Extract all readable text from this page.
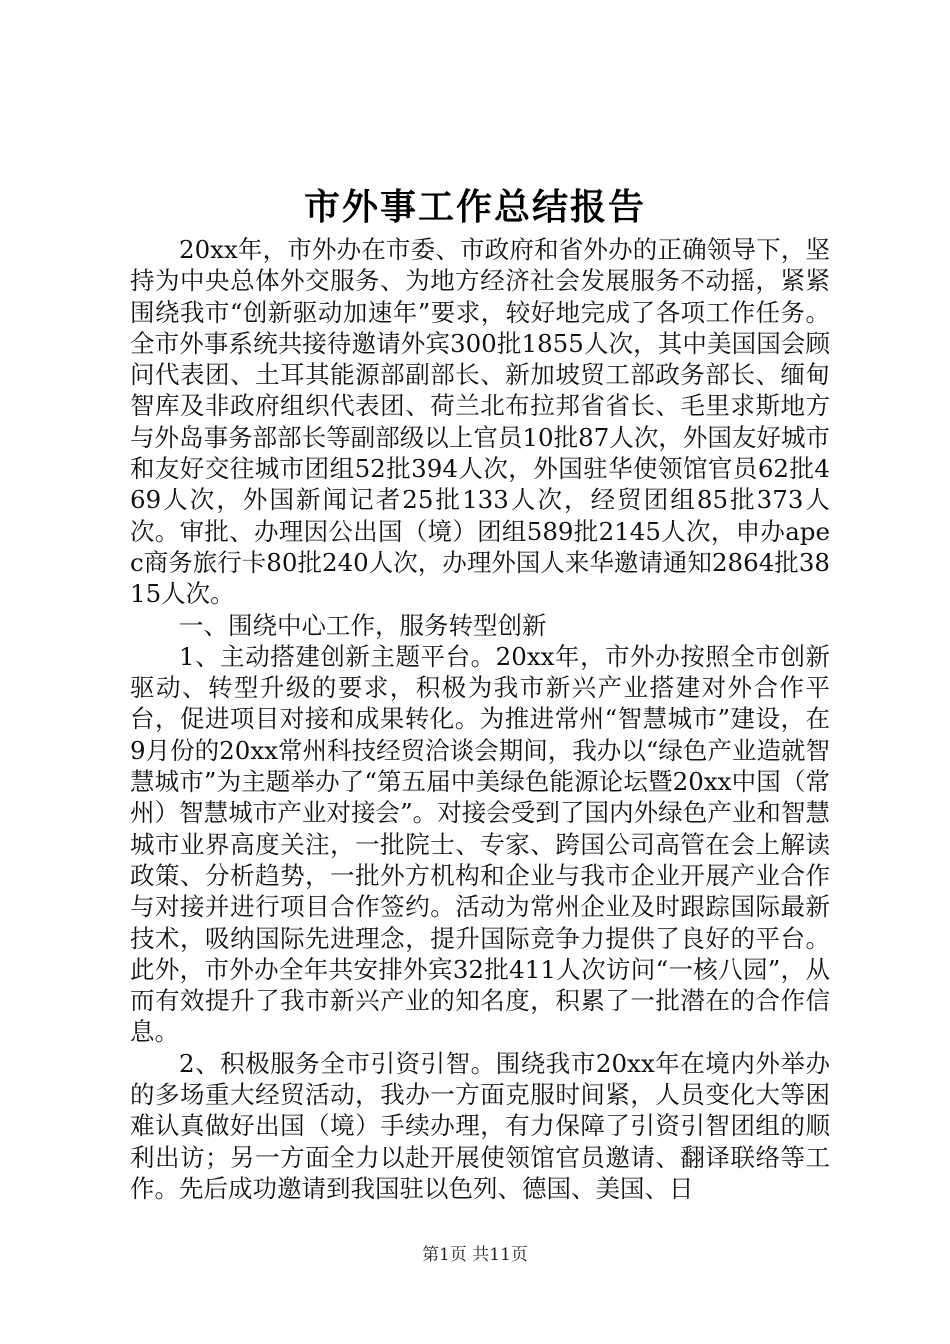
市外事工作总结报告

20xx年，市外办在市委、市政府和省外办的正确领导下，坚持为中央总体外交服务、为地方经济社会发展服务不动摇，紧紧围绕我市“创新驱动加速年”要求，较好地完成了各项工作任务。全市外事系统共接待邀请外宾300批1855人次，其中美国国会顾问代表团、土耳其能源部副部长、新加坡贸工部政务部长、缅甸智库及非政府组织代表团、荷兰北布拉邦省省长、毛里求斯地方与外岛事务部部长等副部级以上官员10批87人次，外国友好城市和友好交往城市团组52批394人次，外国驻华使领馆官员62批469人次，外国新闻记者25批133人次，经贸团组85批373人次。审批、办理因公出国（境）团组589批2145人次，申办apec商务旅行卡80批240人次，办理外国人来华邀请通知2864批3815人次。

一、围绕中心工作，服务转型创新

1、主动搭建创新主题平台。20xx年，市外办按照全市创新驱动、转型升级的要求，积极为我市新兴产业搭建对外合作平台，促进项目对接和成果转化。为推进常州“智慧城市”建设，在9月份的20xx常州科技经贸洽谈会期间，我办以“绿色产业造就智慧城市”为主题举办了“第五届中美绿色能源论坛暨20xx中国（常州）智慧城市产业对接会”。对接会受到了国内外绿色产业和智慧城市业界高度关注，一批院士、专家、跨国公司高管在会上解读政策、分析趋势，一批外方机构和企业与我市企业开展产业合作与对接并进行项目合作签约。活动为常州企业及时跟踪国际最新技术，吸纳国际先进理念，提升国际竞争力提供了良好的平台。此外，市外办全年共安排外宾32批411人次访问“一核八园”，从而有效提升了我市新兴产业的知名度，积累了一批潜在的合作信息。

2、积极服务全市引资引智。围绕我市20xx年在境内外举办的多场重大经贸活动，我办一方面克服时间紧，人员变化大等困难认真做好出国（境）手续办理，有力保障了引资引智团组的顺利出访；另一方面全力以赴开展使领馆官员邀请、翻译联络等工作。先后成功邀请到我国驻以色列、德国、美国、日

第1页 共11页
